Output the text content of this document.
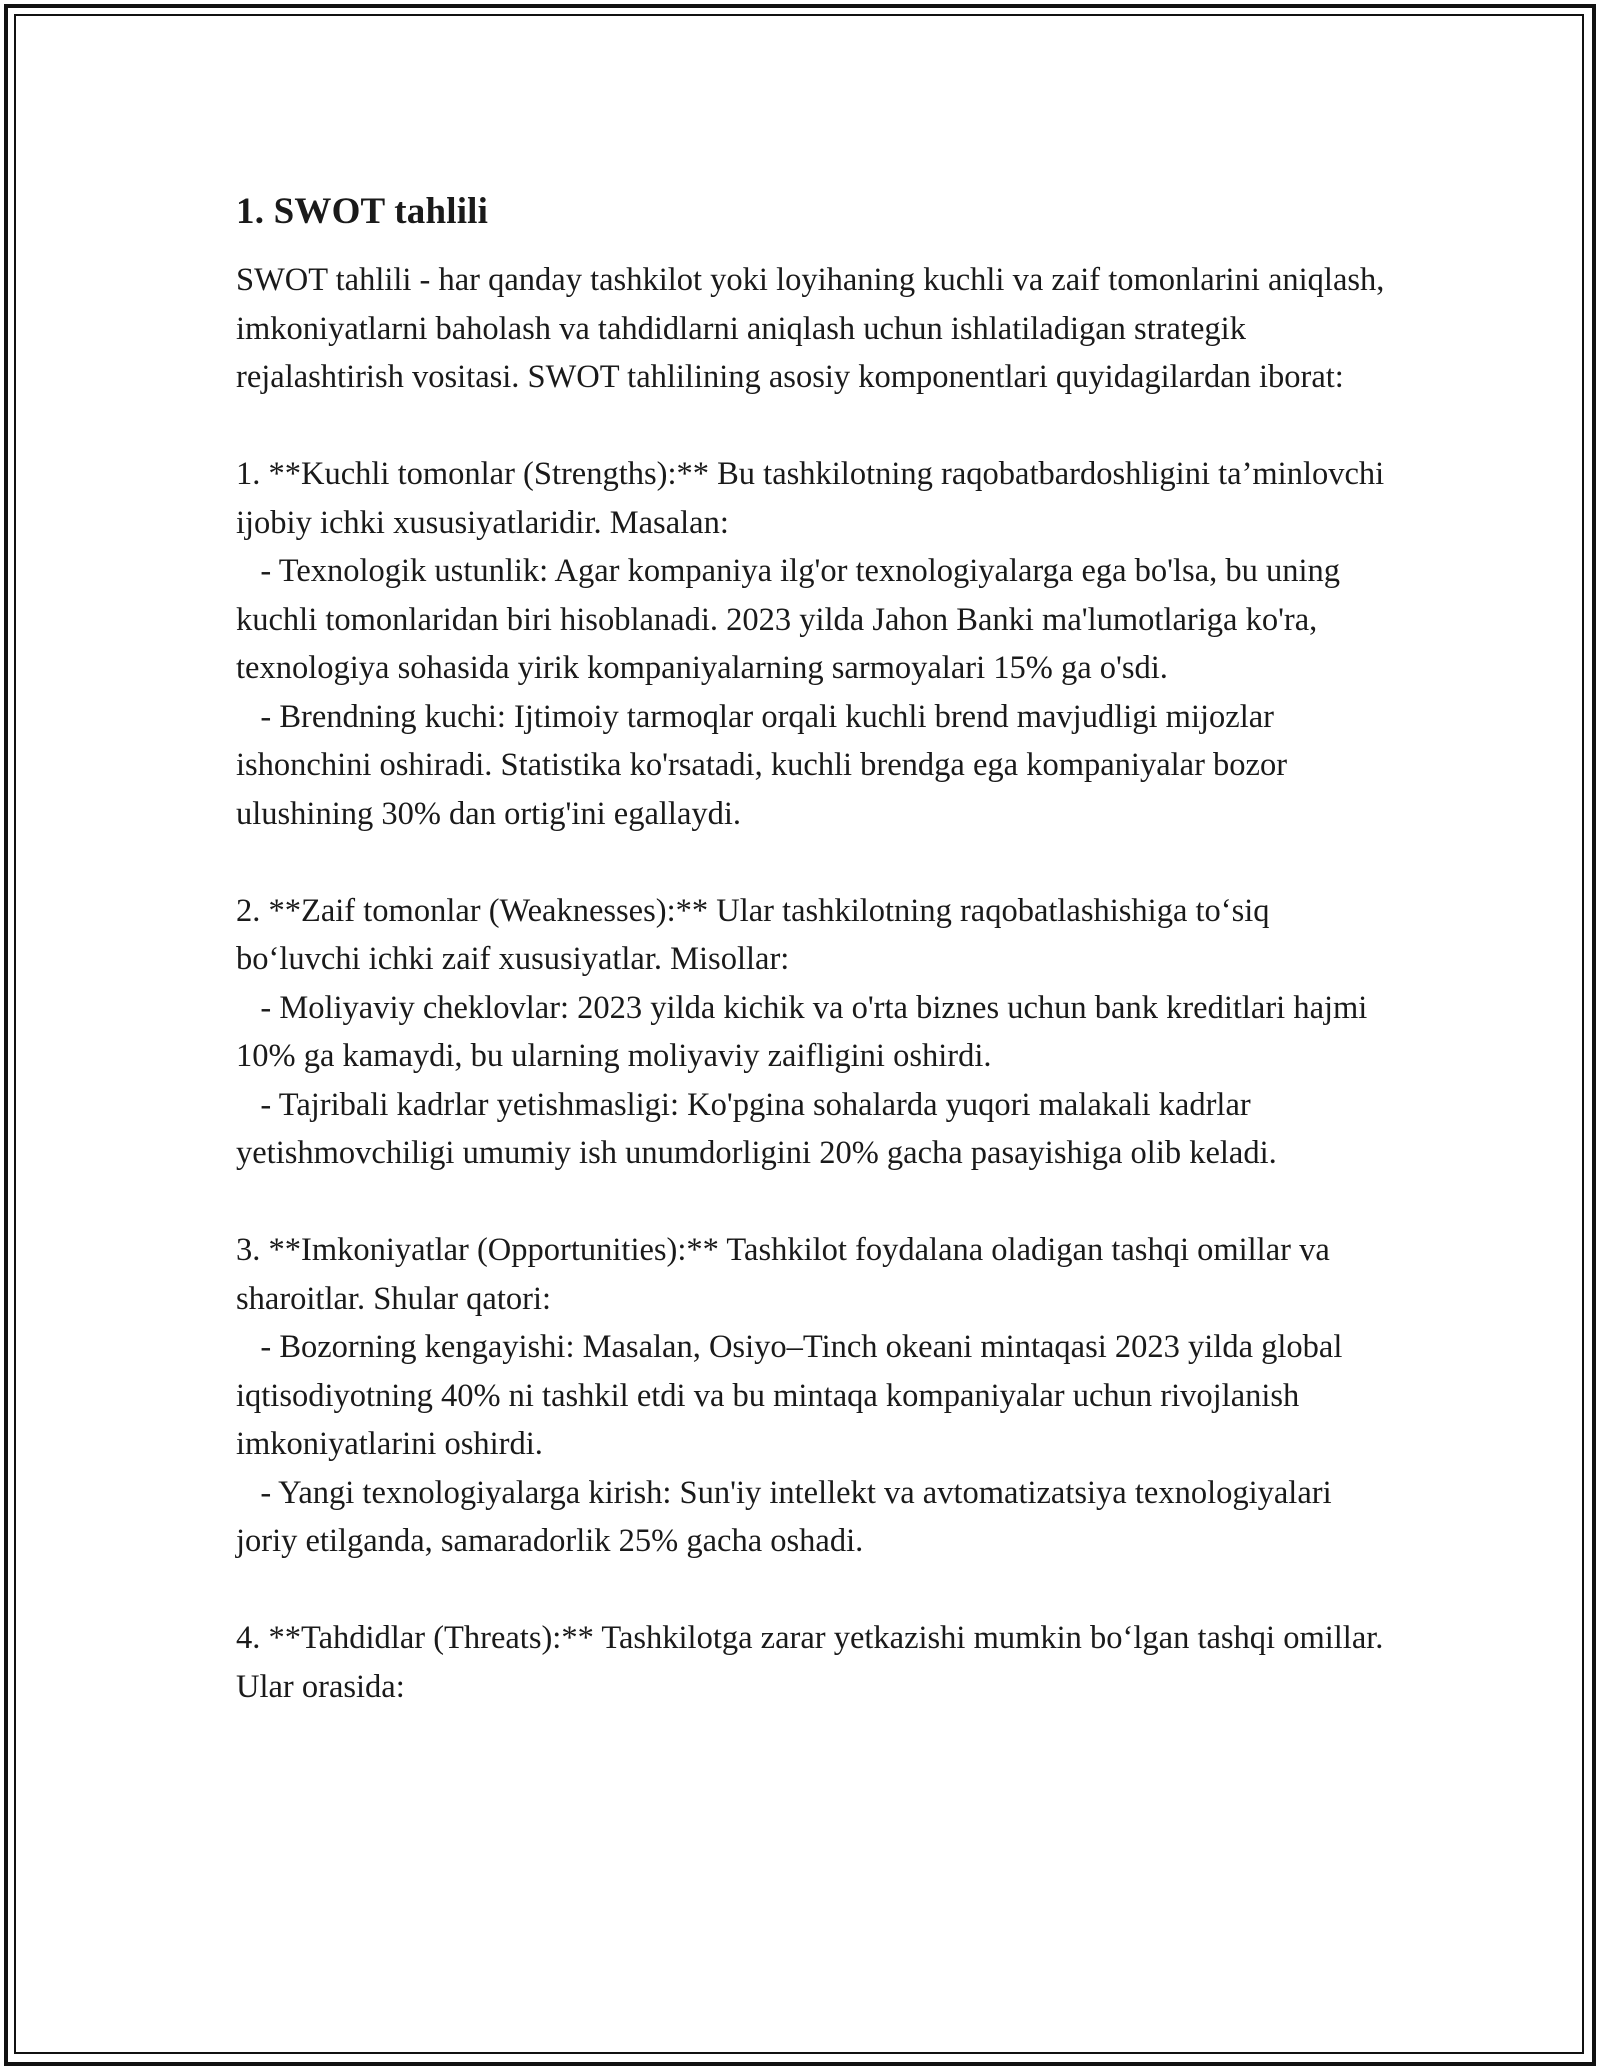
1. SWOT tahlili

SWOT tahlili - har qanday tashkilot yoki loyihaning kuchli va zaif tomonlarini aniqlash, imkoniyatlarni baholash va tahdidlarni aniqlash uchun ishlatiladigan strategik rejalashtirish vositasi. SWOT tahlilining asosiy komponentlari quyidagilardan iborat:

1. **Kuchli tomonlar (Strengths):** Bu tashkilotning raqobatbardoshligini ta’minlovchi ijobiy ichki xususiyatlaridir. Masalan:

- Texnologik ustunlik: Agar kompaniya ilg'or texnologiyalarga ega bo'lsa, bu uning kuchli tomonlaridan biri hisoblanadi. 2023 yilda Jahon Banki ma'lumotlariga ko'ra, texnologiya sohasida yirik kompaniyalarning sarmoyalari 15% ga o'sdi.

- Brendning kuchi: Ijtimoiy tarmoqlar orqali kuchli brend mavjudligi mijozlar ishonchini oshiradi. Statistika ko'rsatadi, kuchli brendga ega kompaniyalar bozor ulushining 30% dan ortig'ini egallaydi.

2. **Zaif tomonlar (Weaknesses):** Ular tashkilotning raqobatlashishiga to‘siq bo‘luvchi ichki zaif xususiyatlar. Misollar:

- Moliyaviy cheklovlar: 2023 yilda kichik va o'rta biznes uchun bank kreditlari hajmi 10% ga kamaydi, bu ularning moliyaviy zaifligini oshirdi.

- Tajribali kadrlar yetishmasligi: Ko'pgina sohalarda yuqori malakali kadrlar yetishmovchiligi umumiy ish unumdorligini 20% gacha pasayishiga olib keladi.

3. **Imkoniyatlar (Opportunities):** Tashkilot foydalana oladigan tashqi omillar va sharoitlar. Shular qatori:

- Bozorning kengayishi: Masalan, Osiyo–Tinch okeani mintaqasi 2023 yilda global iqtisodiyotning 40% ni tashkil etdi va bu mintaqa kompaniyalar uchun rivojlanish imkoniyatlarini oshirdi.

- Yangi texnologiyalarga kirish: Sun'iy intellekt va avtomatizatsiya texnologiyalari joriy etilganda, samaradorlik 25% gacha oshadi.

4. **Tahdidlar (Threats):** Tashkilotga zarar yetkazishi mumkin bo‘lgan tashqi omillar. Ular orasida:
